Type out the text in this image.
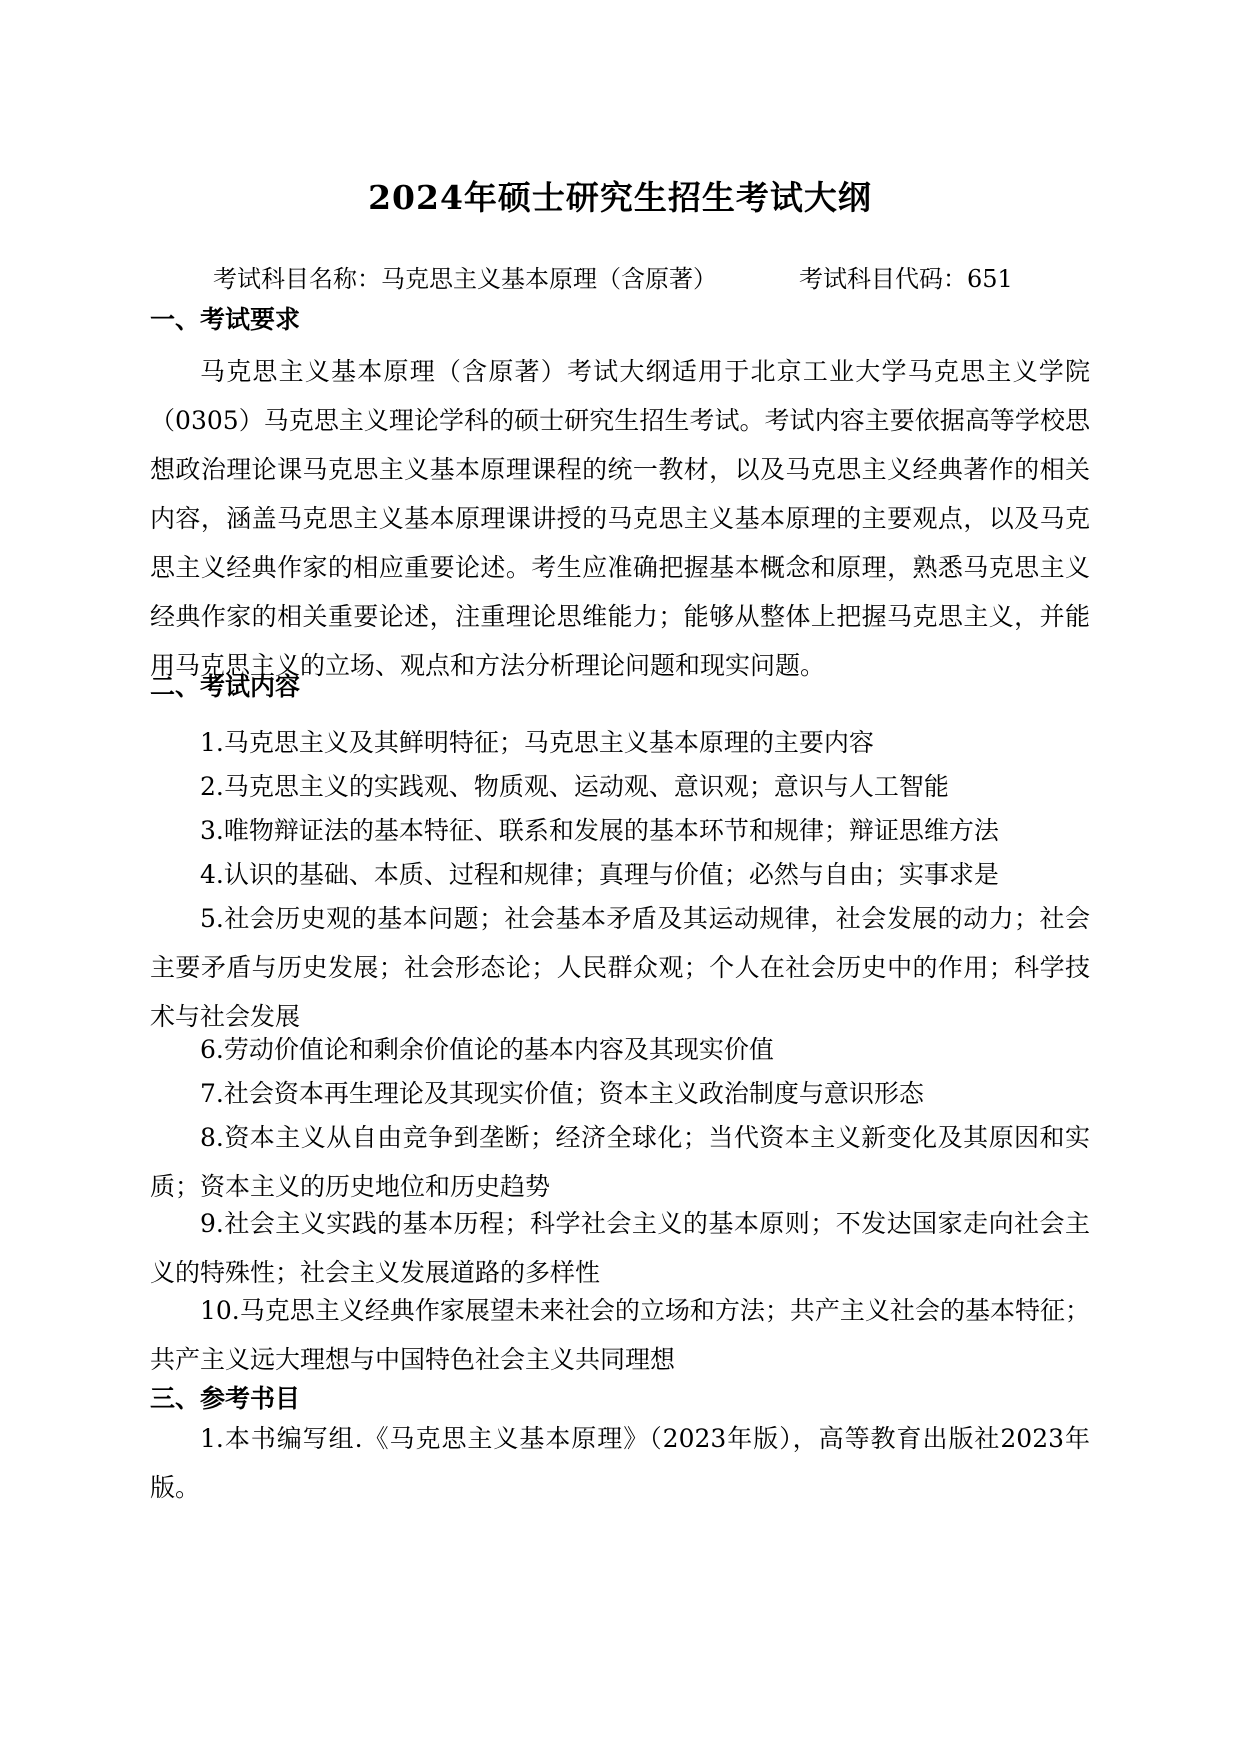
2024年硕士研究生招生考试大纲
考试科目名称：马克思主义基本原理（含原著）	考试科目代码：651
一、考试要求
马克思主义基本原理（含原著）考试大纲适用于北京工业大学马克思主义学院（0305）马克思主义理论学科的硕士研究生招生考试。考试内容主要依据高等学校思想政治理论课马克思主义基本原理课程的统一教材，以及马克思主义经典著作的相关内容，涵盖马克思主义基本原理课讲授的马克思主义基本原理的主要观点，以及马克思主义经典作家的相应重要论述。考生应准确把握基本概念和原理，熟悉马克思主义经典作家的相关重要论述，注重理论思维能力；能够从整体上把握马克思主义，并能用马克思主义的立场、观点和方法分析理论问题和现实问题。
二、考试内容
1.马克思主义及其鲜明特征；马克思主义基本原理的主要内容
2.马克思主义的实践观、物质观、运动观、意识观；意识与人工智能
3.唯物辩证法的基本特征、联系和发展的基本环节和规律；辩证思维方法
4.认识的基础、本质、过程和规律；真理与价值；必然与自由；实事求是
5.社会历史观的基本问题；社会基本矛盾及其运动规律，社会发展的动力；社会主要矛盾与历史发展；社会形态论；人民群众观；个人在社会历史中的作用；科学技术与社会发展
6.劳动价值论和剩余价值论的基本内容及其现实价值
7.社会资本再生理论及其现实价值；资本主义政治制度与意识形态
8.资本主义从自由竞争到垄断；经济全球化；当代资本主义新变化及其原因和实质；资本主义的历史地位和历史趋势
9.社会主义实践的基本历程；科学社会主义的基本原则；不发达国家走向社会主义的特殊性；社会主义发展道路的多样性
10.马克思主义经典作家展望未来社会的立场和方法；共产主义社会的基本特征；共产主义远大理想与中国特色社会主义共同理想
三、参考书目
1.本书编写组.《马克思主义基本原理》（2023年版），高等教育出版社2023年版。
